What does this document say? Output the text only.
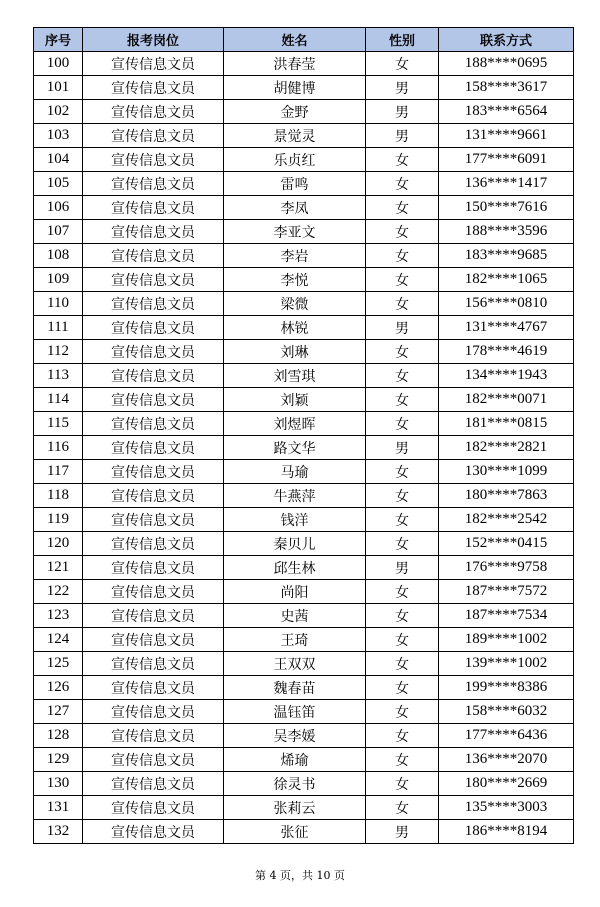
序号	报考岗位	姓名	性别	联系方式
100	宣传信息文员	洪春莹	女	188****0695
101	宣传信息文员	胡健博	男	158****3617
102	宣传信息文员	金野	男	183****6564
103	宣传信息文员	景觉灵	男	131****9661
104	宣传信息文员	乐贞红	女	177****6091
105	宣传信息文员	雷鸣	女	136****1417
106	宣传信息文员	李凤	女	150****7616
107	宣传信息文员	李亚文	女	188****3596
108	宣传信息文员	李岩	女	183****9685
109	宣传信息文员	李悦	女	182****1065
110	宣传信息文员	梁微	女	156****0810
111	宣传信息文员	林锐	男	131****4767
112	宣传信息文员	刘琳	女	178****4619
113	宣传信息文员	刘雪琪	女	134****1943
114	宣传信息文员	刘颖	女	182****0071
115	宣传信息文员	刘煜晖	女	181****0815
116	宣传信息文员	路文华	男	182****2821
117	宣传信息文员	马瑜	女	130****1099
118	宣传信息文员	牛燕萍	女	180****7863
119	宣传信息文员	钱洋	女	182****2542
120	宣传信息文员	秦贝儿	女	152****0415
121	宣传信息文员	邱生林	男	176****9758
122	宣传信息文员	尚阳	女	187****7572
123	宣传信息文员	史茜	女	187****7534
124	宣传信息文员	王琦	女	189****1002
125	宣传信息文员	王双双	女	139****1002
126	宣传信息文员	魏春苗	女	199****8386
127	宣传信息文员	温钰笛	女	158****6032
128	宣传信息文员	吴李媛	女	177****6436
129	宣传信息文员	烯瑜	女	136****2070
130	宣传信息文员	徐灵书	女	180****2669
131	宣传信息文员	张莉云	女	135****3003
132	宣传信息文员	张征	男	186****8194
第 4 页，共 10 页
